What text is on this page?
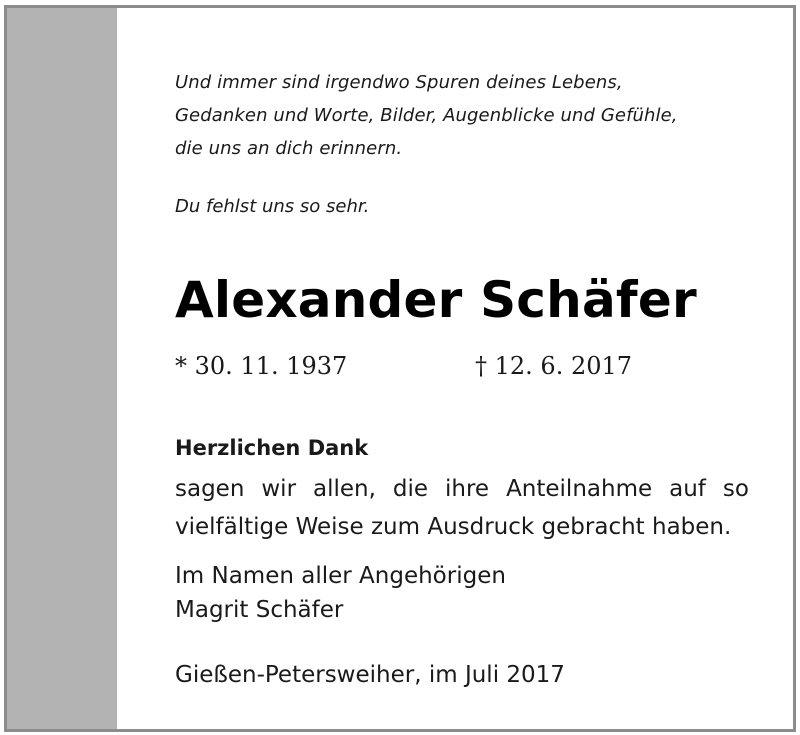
Und immer sind irgendwo Spuren deines Lebens,
Gedanken und Worte, Bilder, Augenblicke und Gefühle,
die uns an dich erinnern.
Du fehlst uns so sehr.
Alexander Schäfer
* 30. 11. 1937	† 12. 6. 2017
Herzlichen Dank
sagen wir allen, die ihre Anteilnahme auf so
vielfältige Weise zum Ausdruck gebracht haben.
Im Namen aller Angehörigen
Magrit Schäfer
Gießen-Petersweiher, im Juli 2017
